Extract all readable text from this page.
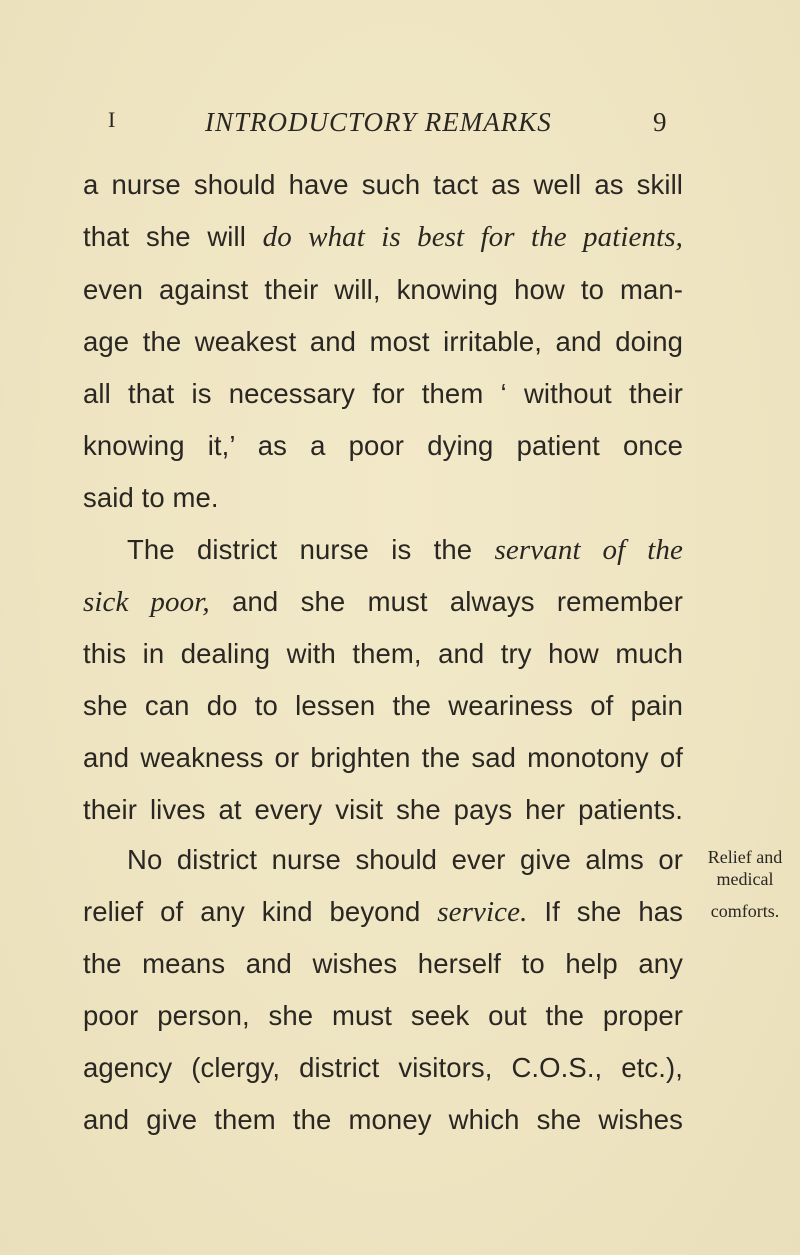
I	INTRODUCTORY REMARKS	9
a nurse should have such tact as well as skill
that she will do what is best for the patients,
even against their will, knowing how to man-
age the weakest and most irritable, and doing
all that is necessary for them ‘ without their
knowing it,’ as a poor dying patient once
said to me.
The district nurse is the servant of the
sick poor, and she must always remember
this in dealing with them, and try how much
she can do to lessen the weariness of pain
and weakness or brighten the sad monotony of
their lives at every visit she pays her patients.
No district nurse should ever give alms or
relief of any kind beyond service. If she has
the means and wishes herself to help any
poor person, she must seek out the proper
agency (clergy, district visitors, C.O.S., etc.),
and give them the money which she wishes
Relief and
medical
comforts.
